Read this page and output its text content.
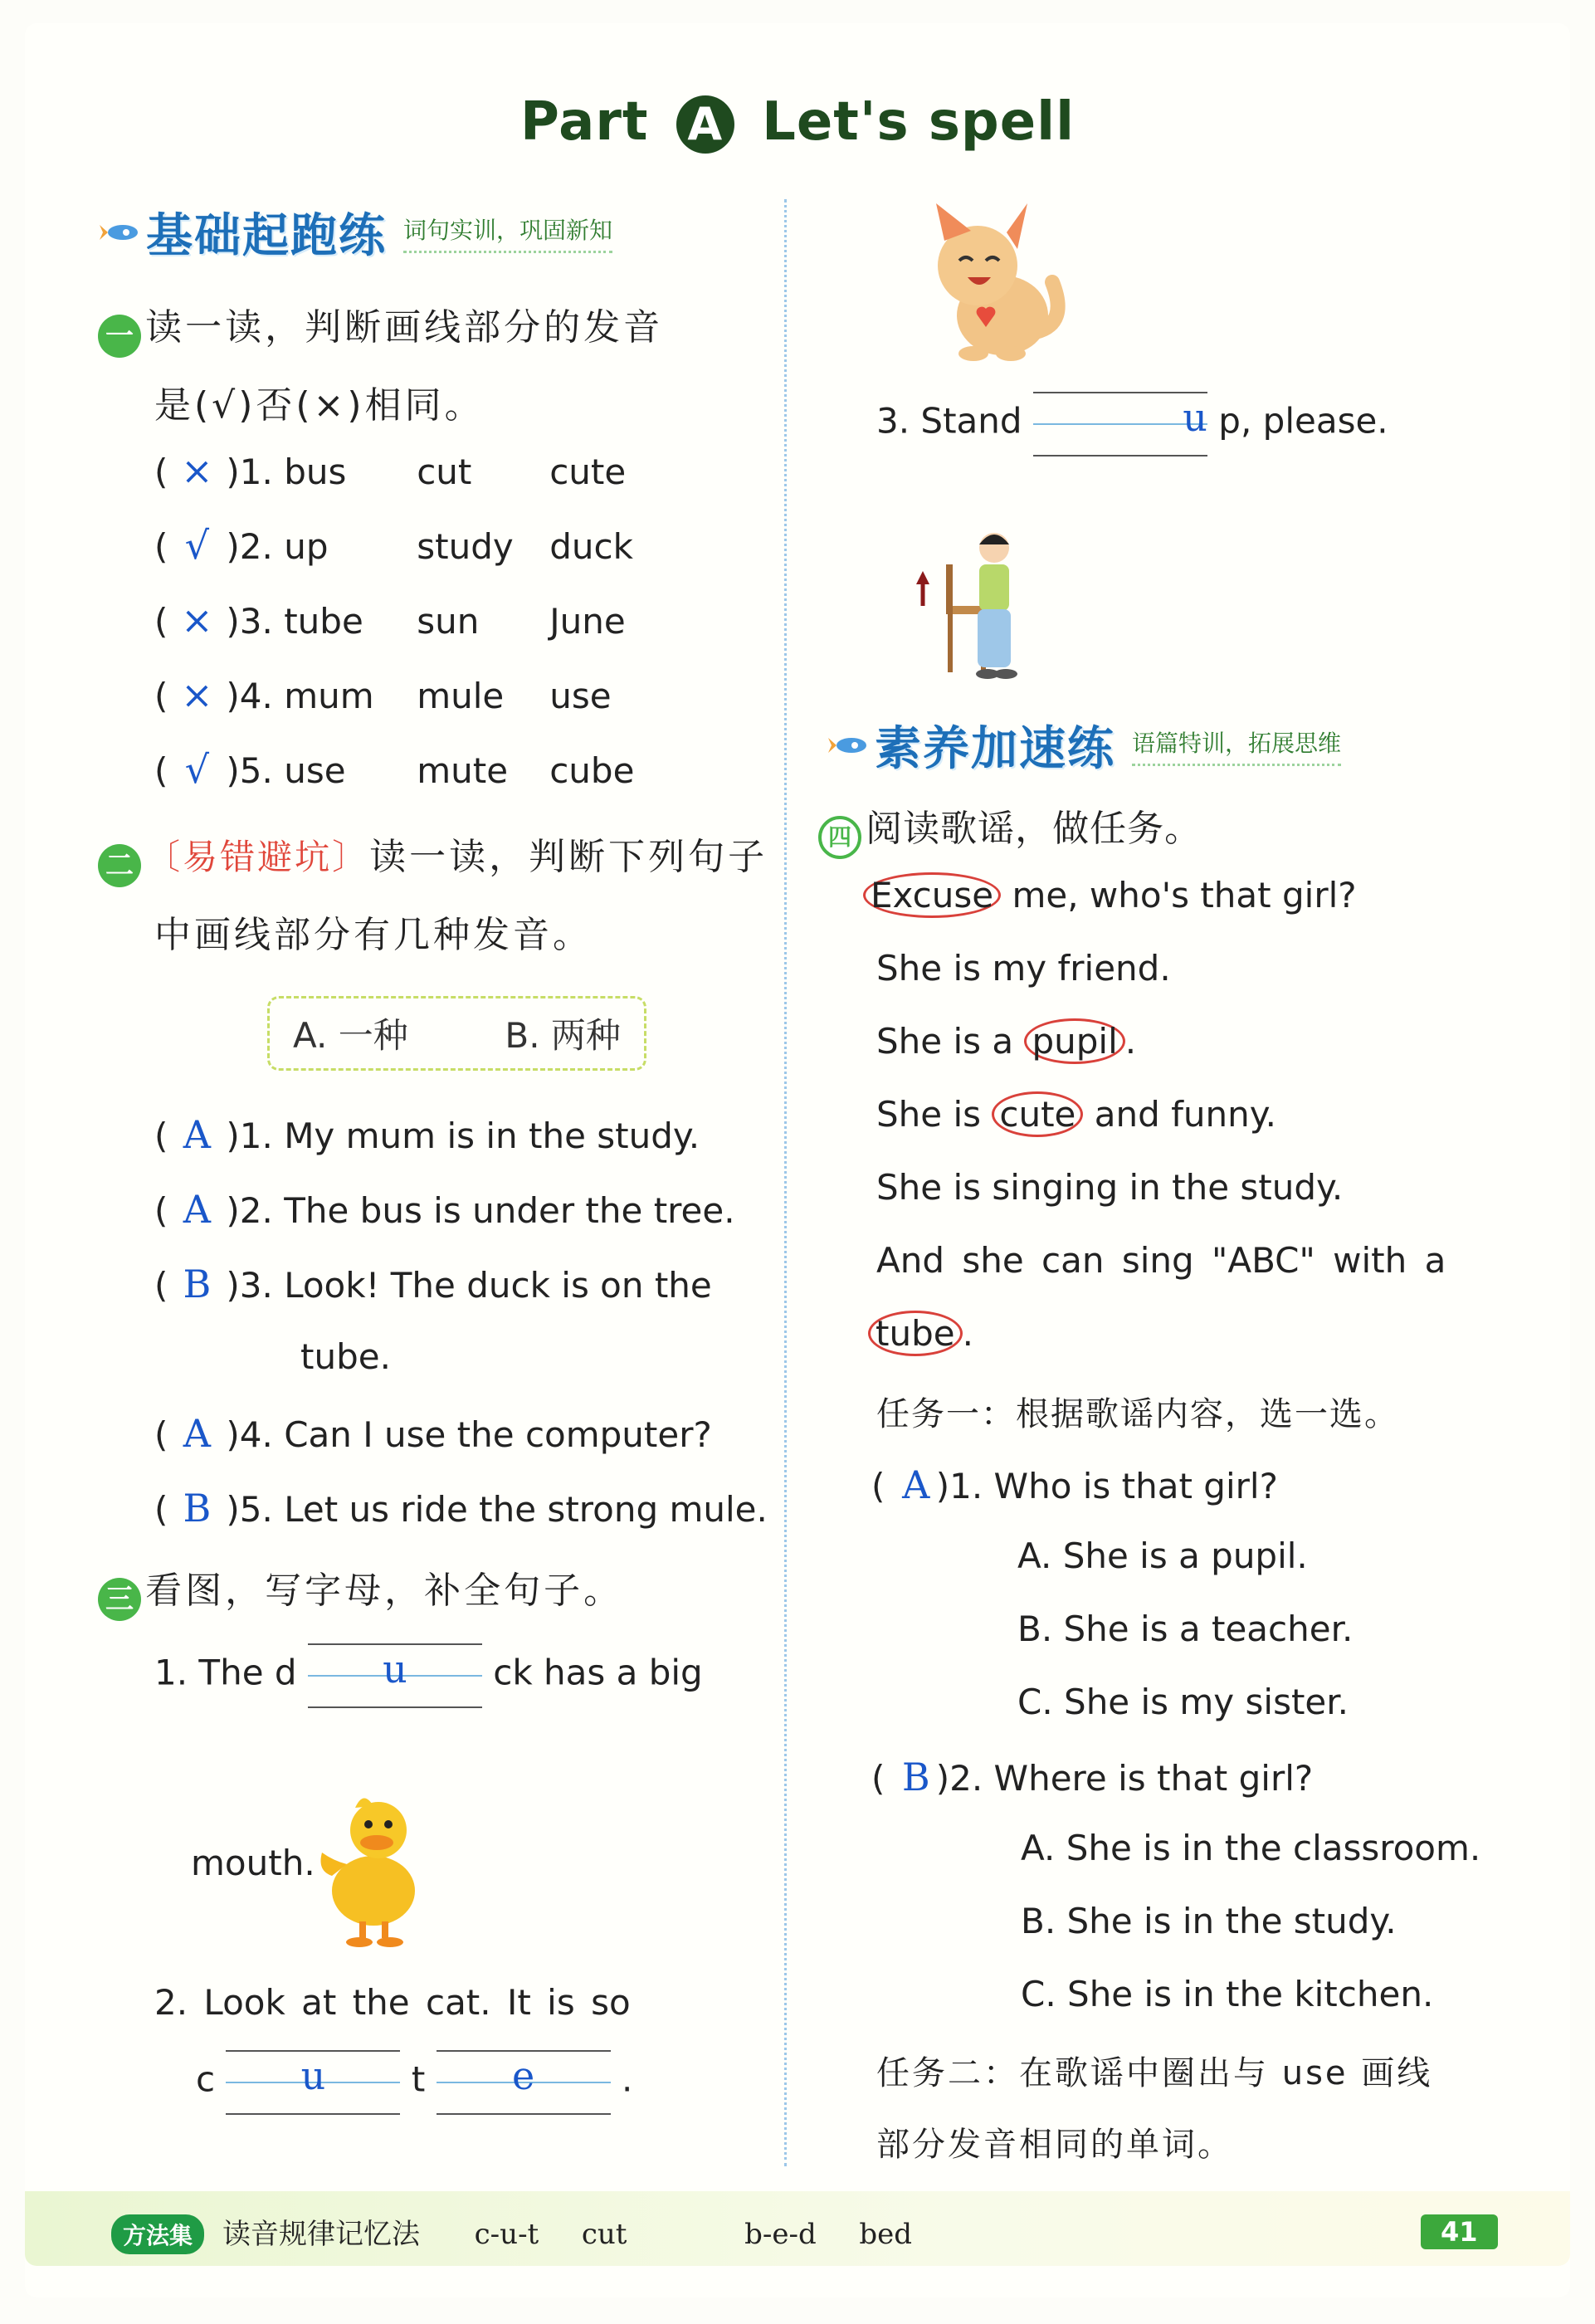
Part A Let's spell
基础起跑练 词句实训，巩固新知
一 读一读，判断画线部分的发音
是(√)否(×)相同。
( × )1. bus cut cute
( √ )2. up	study duck
( × )3. tube sun June
( × )4. mum mule use
( √ )5. use mute cube
二 〔易错避坑〕读一读，判断下列句子
中画线部分有几种发音。
A. 一种	B. 两种
( A )1. My mum is in the study.
( A )2. The bus is under the tree.
( B )3. Look! The duck is on the
( A )4. Can I use the computer?
( B )5. Let us ride the strong mule.
tube.
三 看图，写字母，补全句子。
1. The d	u	ck has a big
mouth.
2. Look at the cat. It is so
c	u	t	e	.
3. Stand	u p, please.
素养加速练 语篇特训，拓展思维
四 阅读歌谣，做任务。
Excuse me, who's that girl?
She is my friend.
She is a pupil .
She is cute and funny.
She is singing in the study.
And she can sing "ABC" with a
tube .
任务一：根据歌谣内容，选一选。
( A )1. Who is that girl?
A. She is a pupil.
B. She is a teacher.
C. She is my sister.
( B )2. Where is that girl?
A. She is in the classroom.
B. She is in the study.
C. She is in the kitchen.
任务二：在歌谣中圈出与 use 画线
部分发音相同的单词。
方法集 读音规律记忆法 c-u-t cut	b-e-d bed	41
